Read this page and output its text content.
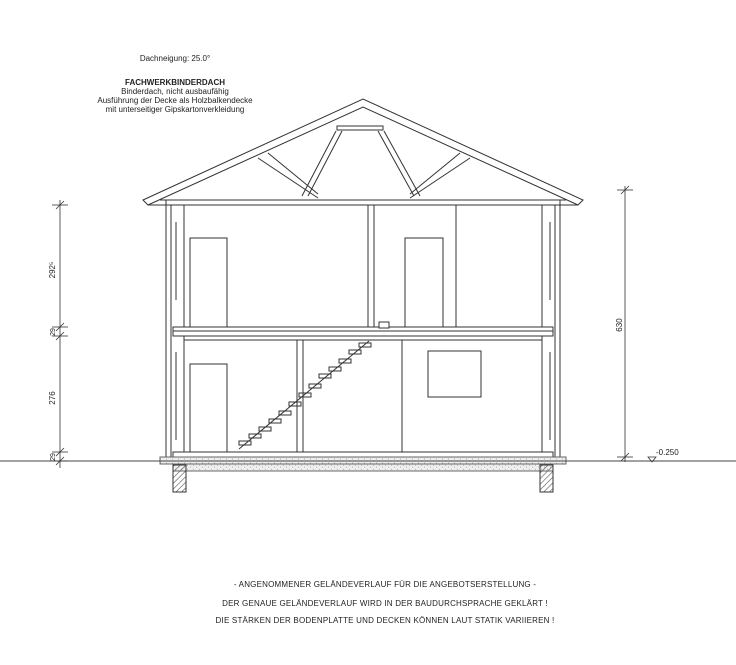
Dachneigung: 25.0°
FACHWERKBINDERDACH
Binderdach, nicht ausbaufähig
Ausführung der Decke als Holzbalkendecke
mit unterseitiger Gipskartonverkleidung
292⁵
29
276
29
630
-0.250
- ANGENOMMENER GELÄNDEVERLAUF FÜR DIE ANGEBOTSERSTELLUNG -
DER GENAUE GELÄNDEVERLAUF WIRD IN DER BAUDURCHSPRACHE GEKLÄRT !
DIE STÄRKEN DER BODENPLATTE UND DECKEN KÖNNEN LAUT STATIK VARIIEREN !
